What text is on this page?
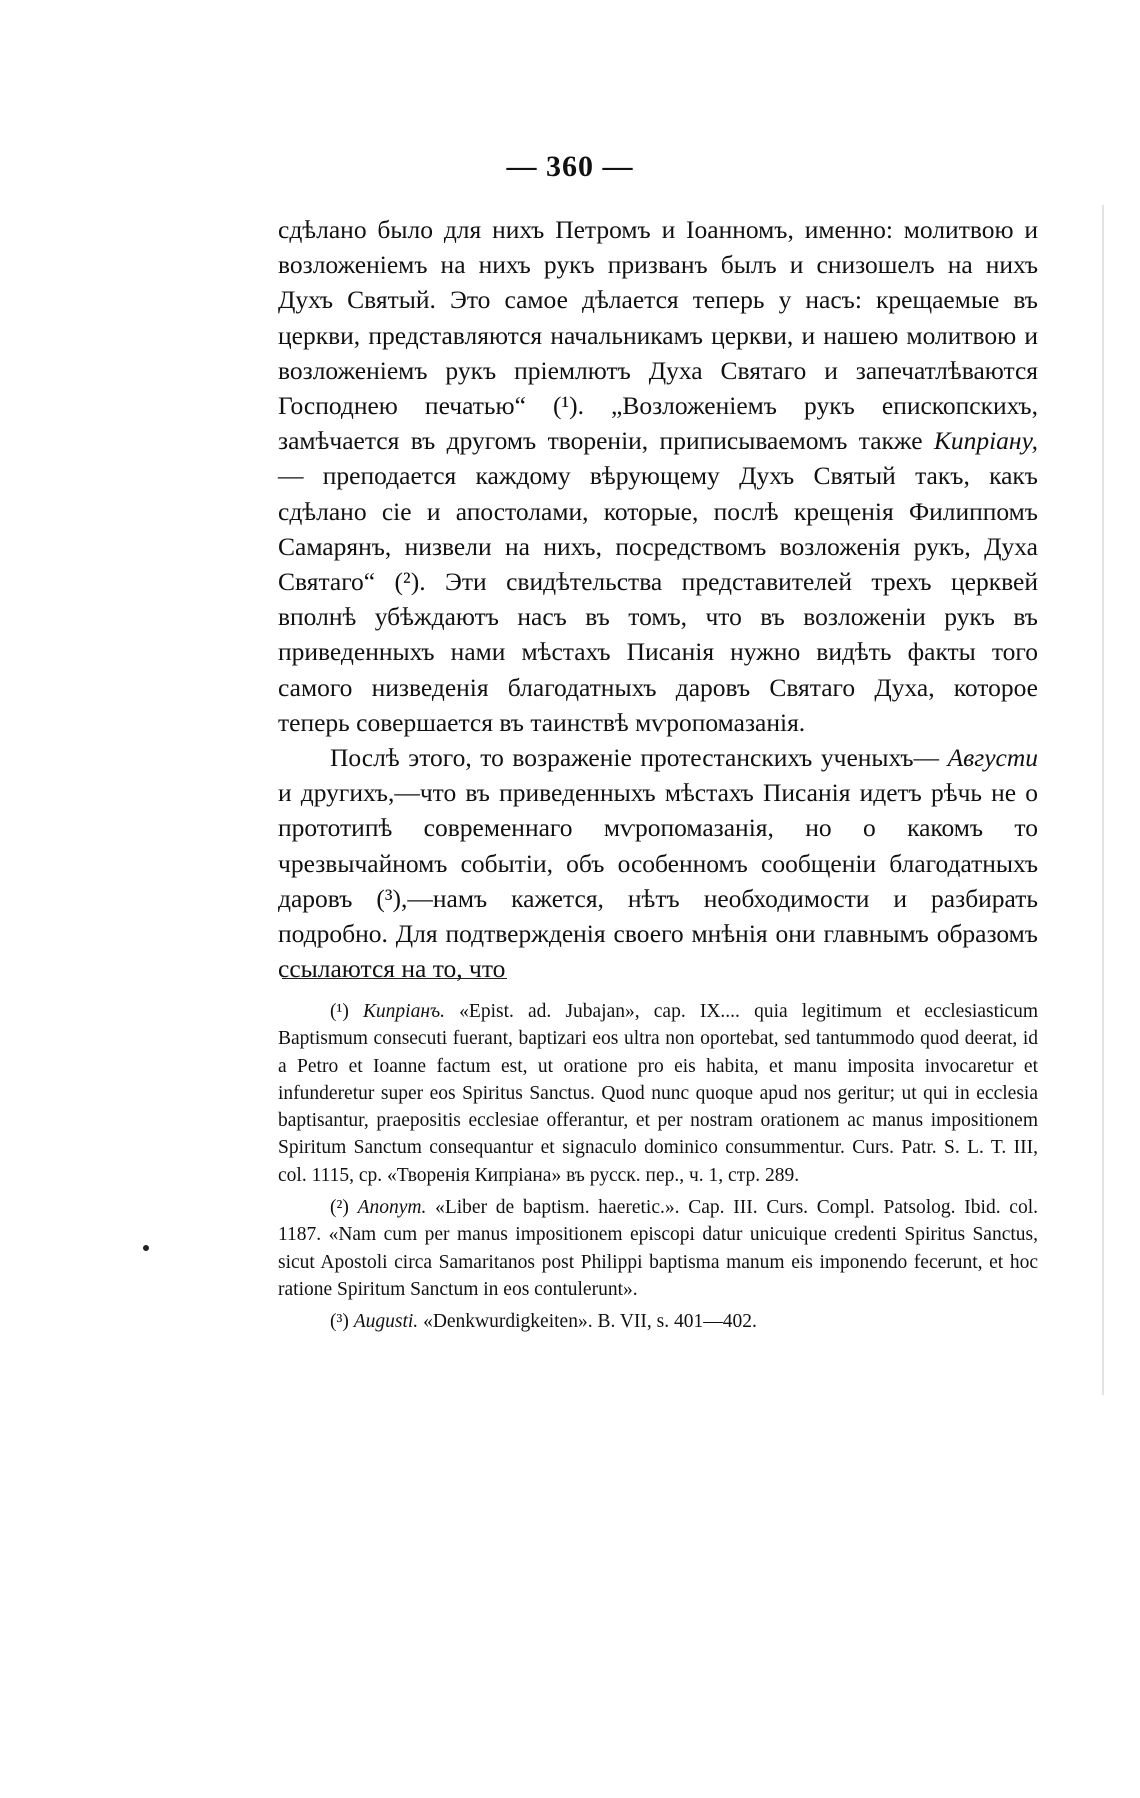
— 360 —

сдѣлано было для нихъ Петромъ и Іоанномъ, именно: молитвою и возложеніемъ на нихъ рукъ призванъ былъ и снизошелъ на нихъ Духъ Святый. Это самое дѣлается теперь у насъ: крещаемые въ церкви, представляются начальникамъ церкви, и нашею молитвою и возложеніемъ рукъ пріемлютъ Духа Святаго и запечатлѣваются Господнею печатью“ (¹). „Возложеніемъ рукъ епископскихъ, замѣчается въ другомъ твореніи, приписываемомъ также Кипріану, — преподается каждому вѣрующему Духъ Святый такъ, какъ сдѣлано сіе и апостолами, которые, послѣ крещенія Филиппомъ Самарянъ, низвели на нихъ, посредствомъ возложенія рукъ, Духа Святаго“ (²). Эти свидѣтельства представителей трехъ церквей вполнѣ убѣждаютъ насъ въ томъ, что въ возложеніи рукъ въ приведенныхъ нами мѣстахъ Писанія нужно видѣть факты того самого низведенія благодатныхъ даровъ Святаго Духа, которое теперь совершается въ таинствѣ мѵропомазанія.

Послѣ этого, то возраженіе протестанскихъ ученыхъ— Августи и другихъ,—что въ приведенныхъ мѣстахъ Писанія идетъ рѣчь не о прототипѣ современнаго мѵропомазанія, но о какомъ то чрезвычайномъ событіи, объ особенномъ сообщеніи благодатныхъ даровъ (³),—намъ кажется, нѣтъ необходимости и разбирать подробно. Для подтвержденія своего мнѣнія они главнымъ образомъ ссылаются на то, что

(¹) Кипріанъ. «Epist. ad. Jubajan», cap. IX.... quia legitimum et ecclesiasticum Baptismum consecuti fuerant, baptizari eos ultra non oportebat, sed tantummodo quod deerat, id a Petro et Ioanne factum est, ut oratione pro eis habita, et manu imposita invocaretur et infunderetur super eos Spiritus Sanctus. Quod nunc quoque apud nos geritur; ut qui in ecclesia baptisantur, praepositis ecclesiae offerantur, et per nostram orationem ac manus impositionem Spiritum Sanctum consequantur et signaculo dominico consummentur. Curs. Patr. S. L. T. III, col. 1115, ср. «Творенія Кипріана» въ русск. пер., ч. 1, стр. 289.

(²) Anonym. «Liber de baptism. haeretic.». Cap. III. Curs. Compl. Patsolog. Ibid. col. 1187. «Nam cum per manus impositionem episcopi datur unicuique credenti Spiritus Sanctus, sicut Apostoli circa Samaritanos post Philippi baptisma manum eis imponendo fecerunt, et hoc ratione Spiritum Sanctum in eos contulerunt».

(³) Augusti. «Denkwurdigkeiten». B. VII, s. 401—402.
